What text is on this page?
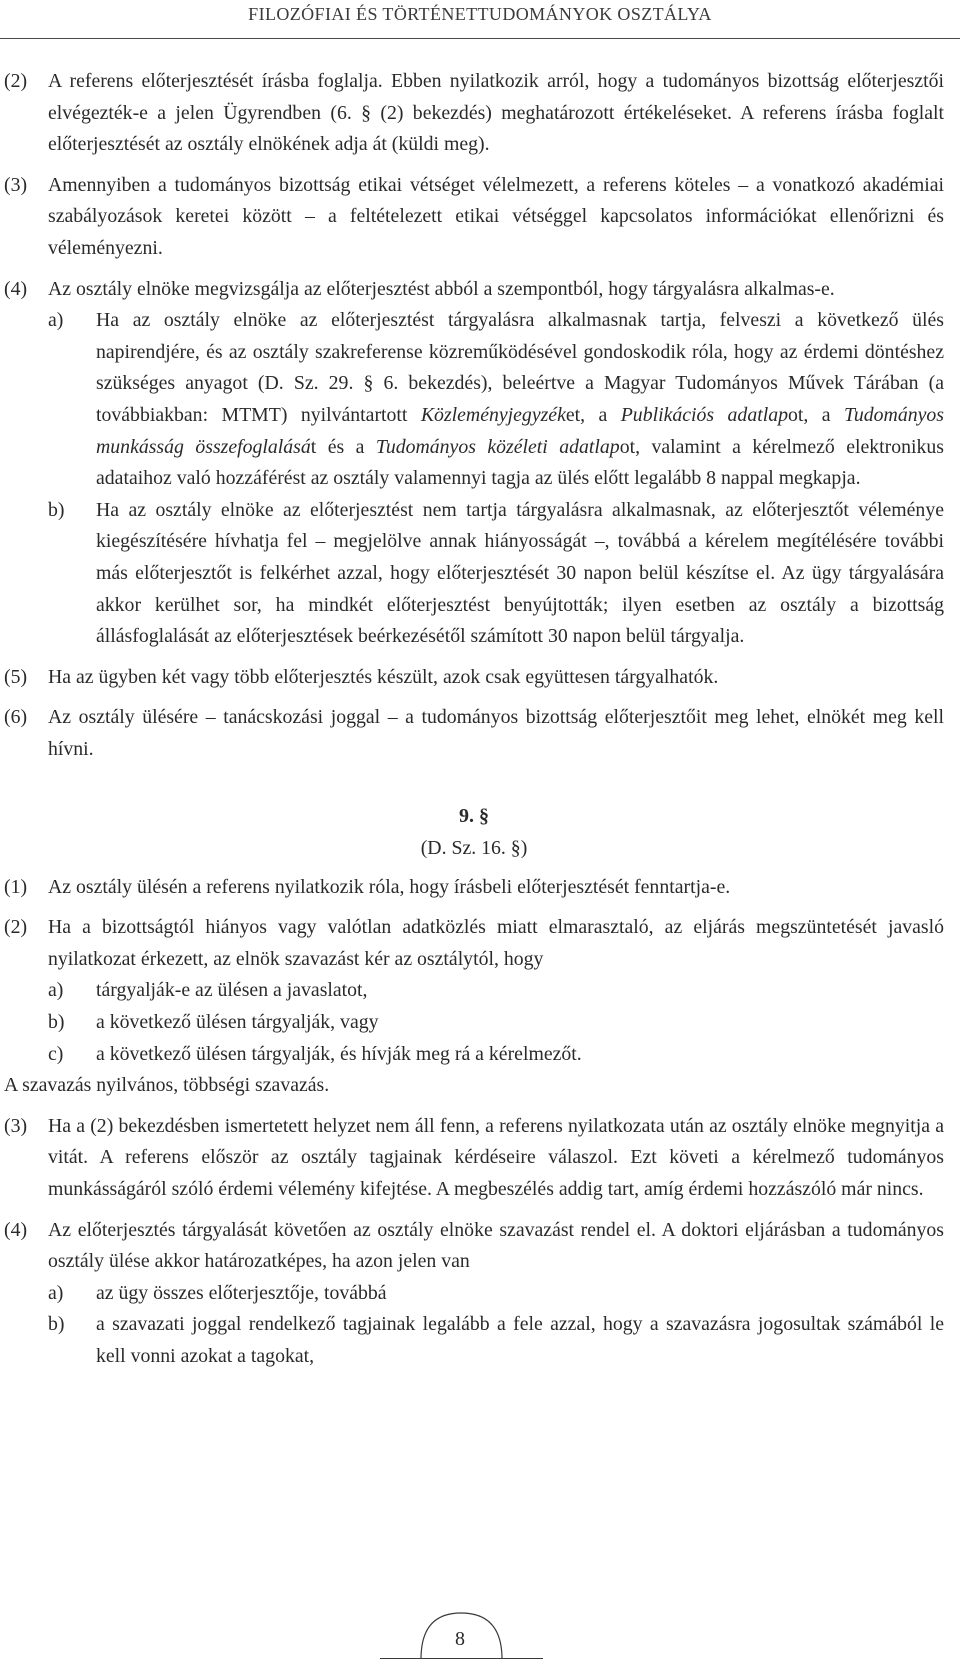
FILOZÓFIAI ÉS TÖRTÉNETTUDOMÁNYOK OSZTÁLYA

(2) A referens előterjesztését írásba foglalja. Ebben nyilatkozik arról, hogy a tudományos bizottság előterjesztői elvégezték-e a jelen Ügyrendben (6. § (2) bekezdés) meghatározott értékeléseket. A referens írásba foglalt előterjesztését az osztály elnökének adja át (küldi meg).

(3) Amennyiben a tudományos bizottság etikai vétséget vélelmezett, a referens köteles – a vonatkozó akadémiai szabályozások keretei között – a feltételezett etikai vétséggel kapcsolatos információkat ellenőrizni és véleményezni.

(4) Az osztály elnöke megvizsgálja az előterjesztést abból a szempontból, hogy tárgyalásra alkalmas-e.

a) Ha az osztály elnöke az előterjesztést tárgyalásra alkalmasnak tartja, felveszi a következő ülés napirendjére, és az osztály szakreferense közreműködésével gondoskodik róla, hogy az érdemi döntéshez szükséges anyagot (D. Sz. 29. § 6. bekezdés), beleértve a Magyar Tudományos Művek Tárában (a továbbiakban: MTMT) nyilvántartott Közleményjegyzéket, a Publikációs adatlapot, a Tudományos munkásság összefoglalását és a Tudományos közéleti adatlapot, valamint a kérelmező elektronikus adataihoz való hozzáférést az osztály valamennyi tagja az ülés előtt legalább 8 nappal megkapja.

b) Ha az osztály elnöke az előterjesztést nem tartja tárgyalásra alkalmasnak, az előterjesztőt véleménye kiegészítésére hívhatja fel – megjelölve annak hiányosságát –, továbbá a kérelem megítélésére további más előterjesztőt is felkérhet azzal, hogy előterjesztését 30 napon belül készítse el. Az ügy tárgyalására akkor kerülhet sor, ha mindkét előterjesztést benyújtották; ilyen esetben az osztály a bizottság állásfoglalását az előterjesztések beérkezésétől számított 30 napon belül tárgyalja.

(5) Ha az ügyben két vagy több előterjesztés készült, azok csak együttesen tárgyalhatók.

(6) Az osztály ülésére – tanácskozási joggal – a tudományos bizottság előterjesztőit meg lehet, elnökét meg kell hívni.

9. §
(D. Sz. 16. §)

(1) Az osztály ülésén a referens nyilatkozik róla, hogy írásbeli előterjesztését fenntartja-e.

(2) Ha a bizottságtól hiányos vagy valótlan adatközlés miatt elmarasztaló, az eljárás megszüntetését javasló nyilatkozat érkezett, az elnök szavazást kér az osztálytól, hogy

a) tárgyalják-e az ülésen a javaslatot,

b) a következő ülésen tárgyalják, vagy

c) a következő ülésen tárgyalják, és hívják meg rá a kérelmezőt.

A szavazás nyilvános, többségi szavazás.

(3) Ha a (2) bekezdésben ismertetett helyzet nem áll fenn, a referens nyilatkozata után az osztály elnöke megnyitja a vitát. A referens először az osztály tagjainak kérdéseire válaszol. Ezt követi a kérelmező tudományos munkásságáról szóló érdemi vélemény kifejtése. A megbeszélés addig tart, amíg érdemi hozzászóló már nincs.

(4) Az előterjesztés tárgyalását követően az osztály elnöke szavazást rendel el. A doktori eljárásban a tudományos osztály ülése akkor határozatképes, ha azon jelen van

a) az ügy összes előterjesztője, továbbá

b) a szavazati joggal rendelkező tagjainak legalább a fele azzal, hogy a szavazásra jogosultak számából le kell vonni azokat a tagokat,

8
